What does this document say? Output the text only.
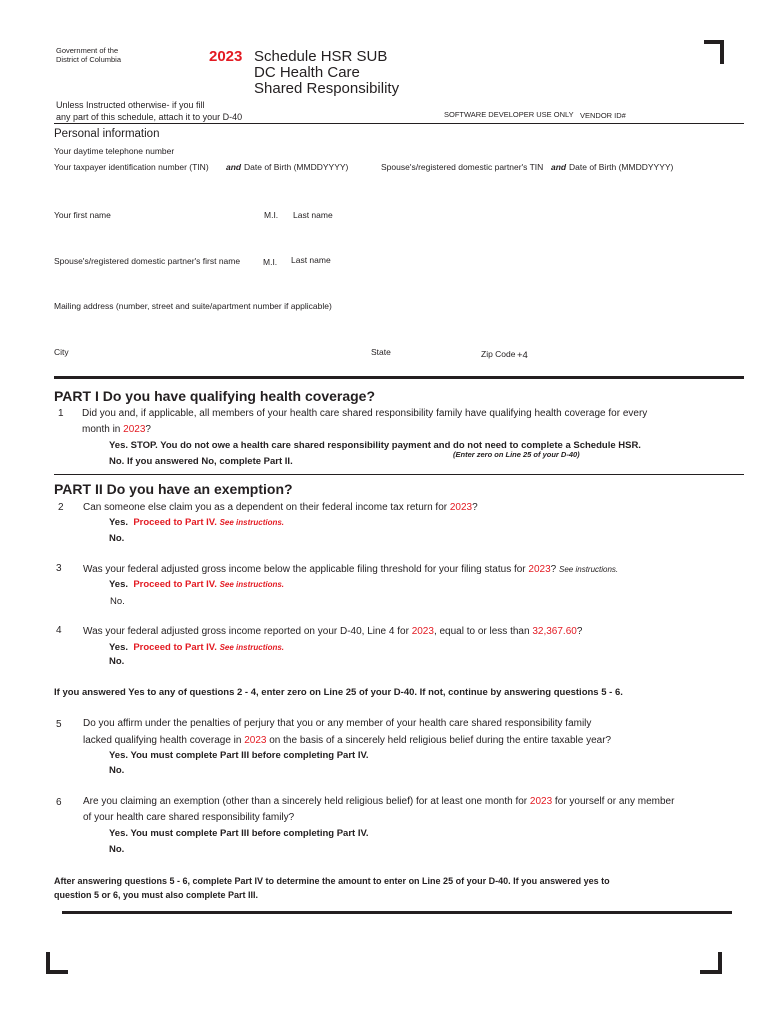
Government of the
District of Columbia	2023 Schedule HSR SUB
DC Health Care
Shared Responsibility
Unless Instructed otherwise- if you fill
any part of this schedule, attach it to your D-40	SOFTWARE DEVELOPER USE ONLY VENDOR ID#
Personal information
Your daytime telephone number
Your taxpayer identification number (TIN) and Date of Birth (MMDDYYYY)	Spouse's/registered domestic partner's TIN and Date of Birth (MMDDYYYY)
Your first name	M.I. Last name
Spouse's/registered domestic partner's first name	M.I. Last name
Mailing address (number, street and suite/apartment number if applicable)
City	State	Zip Code +4
PART I Do you have qualifying health coverage?
1 Did you and, if applicable, all members of your health care shared responsibility family have qualifying health coverage for every
month in 2023?
Yes. STOP. You do not owe a health care shared responsibility payment and do not need to complete a Schedule HSR.
(Enter zero on Line 25 of your D-40)
No. If you answered No, complete Part II.
PART II Do you have an exemption?
2 Can someone else claim you as a dependent on their federal income tax return for 2023?
Yes. Proceed to Part IV. See instructions.
No.
3 Was your federal adjusted gross income below the applicable filing threshold for your filing status for 2023? See instructions.
Yes. Proceed to Part IV. See instructions.
No.
4 Was your federal adjusted gross income reported on your D-40, Line 4 for 2023, equal to or less than 32,367.60?
Yes. Proceed to Part IV. See instructions.
No.
If you answered Yes to any of questions 2 - 4, enter zero on Line 25 of your D-40. If not, continue by answering questions 5 - 6.
5 Do you affirm under the penalties of perjury that you or any member of your health care shared responsibility family
lacked qualifying health coverage in 2023 on the basis of a sincerely held religious belief during the entire taxable year?
Yes. You must complete Part III before completing Part IV.
No.
6 Are you claiming an exemption (other than a sincerely held religious belief) for at least one month for 2023 for yourself or any member
of your health care shared responsibility family?
Yes. You must complete Part III before completing Part IV.
No.
After answering questions 5 - 6, complete Part IV to determine the amount to enter on Line 25 of your D-40. If you answered yes to
question 5 or 6, you must also complete Part III.
